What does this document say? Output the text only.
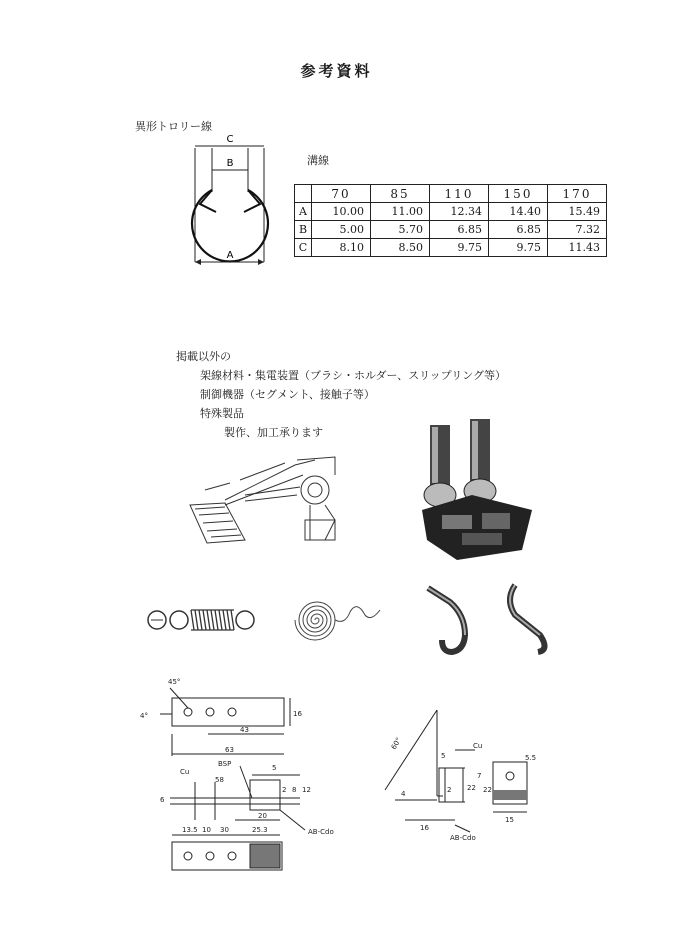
参考資料
異形トロリー線
C
B
A
溝線
	70	85	110	150	170
A	10.00	11.00	12.34	14.40	15.49
B	5.00	5.70	6.85	6.85	7.32
C	8.10	8.50	9.75	9.75	11.43
掲載以外の
架線材料・集電装置（ブラシ・ホルダー、スリップリング等）
制御機器（セグメント、接触子等）
特殊製品
製作、加工承ります
45°
4°	16
43
63
BSP
Cu	5
12
8
2
20
58
6
13.5 10 30	25.3	AB-Cdo
60°	Cu
5
7
22 22
2
16
4
15
5.5
AB-Cdo
